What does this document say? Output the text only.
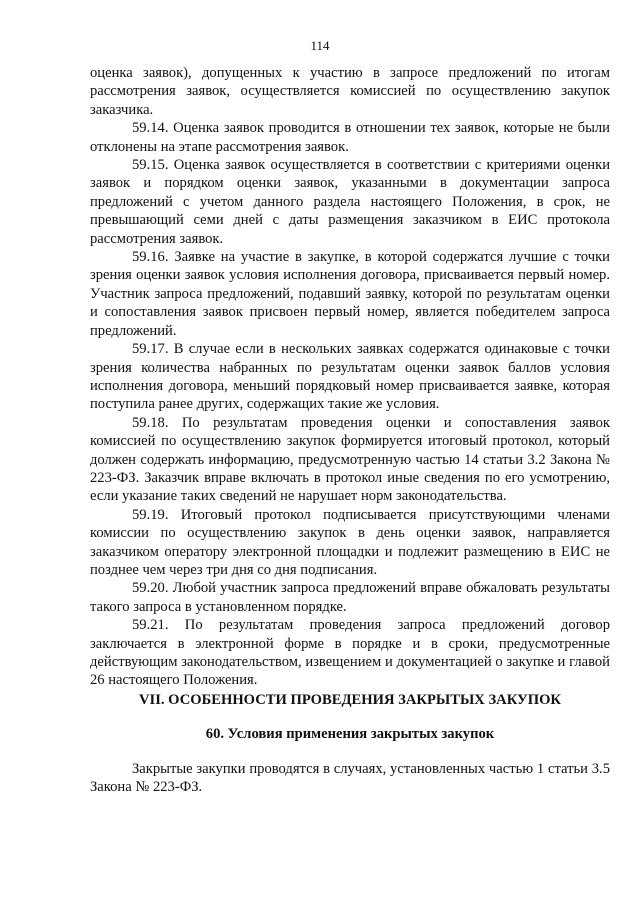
114

оценка заявок), допущенных к участию в запросе предложений по итогам рассмотрения заявок, осуществляется комиссией по осуществлению закупок заказчика.

59.14. Оценка заявок проводится в отношении тех заявок, которые не были отклонены на этапе рассмотрения заявок.

59.15. Оценка заявок осуществляется в соответствии с критериями оценки заявок и порядком оценки заявок, указанными в документации запроса предложений с учетом данного раздела настоящего Положения, в срок, не превышающий семи дней с даты размещения заказчиком в ЕИС протокола рассмотрения заявок.

59.16. Заявке на участие в закупке, в которой содержатся лучшие с точки зрения оценки заявок условия исполнения договора, присваивается первый номер. Участник запроса предложений, подавший заявку, которой по результатам оценки и сопоставления заявок присвоен первый номер, является победителем запроса предложений.

59.17. В случае если в нескольких заявках содержатся одинаковые с точки зрения количества набранных по результатам оценки заявок баллов условия исполнения договора, меньший порядковый номер присваивается заявке, которая поступила ранее других, содержащих такие же условия.

59.18. По результатам проведения оценки и сопоставления заявок комиссией по осуществлению закупок формируется итоговый протокол, который должен содержать информацию, предусмотренную частью 14 статьи 3.2 Закона № 223-ФЗ. Заказчик вправе включать в протокол иные сведения по его усмотрению, если указание таких сведений не нарушает норм законодательства.

59.19. Итоговый протокол подписывается присутствующими членами комиссии по осуществлению закупок в день оценки заявок, направляется заказчиком оператору электронной площадки и подлежит размещению в ЕИС не позднее чем через три дня со дня подписания.

59.20. Любой участник запроса предложений вправе обжаловать результаты такого запроса в установленном порядке.

59.21. По результатам проведения запроса предложений договор заключается в электронной форме в порядке и в сроки, предусмотренные действующим законодательством, извещением и документацией о закупке и главой 26 настоящего Положения.

VII. ОСОБЕННОСТИ ПРОВЕДЕНИЯ ЗАКРЫТЫХ ЗАКУПОК
60. Условия применения закрытых закупок
Закрытые закупки проводятся в случаях, установленных частью 1 статьи 3.5 Закона № 223-ФЗ.
